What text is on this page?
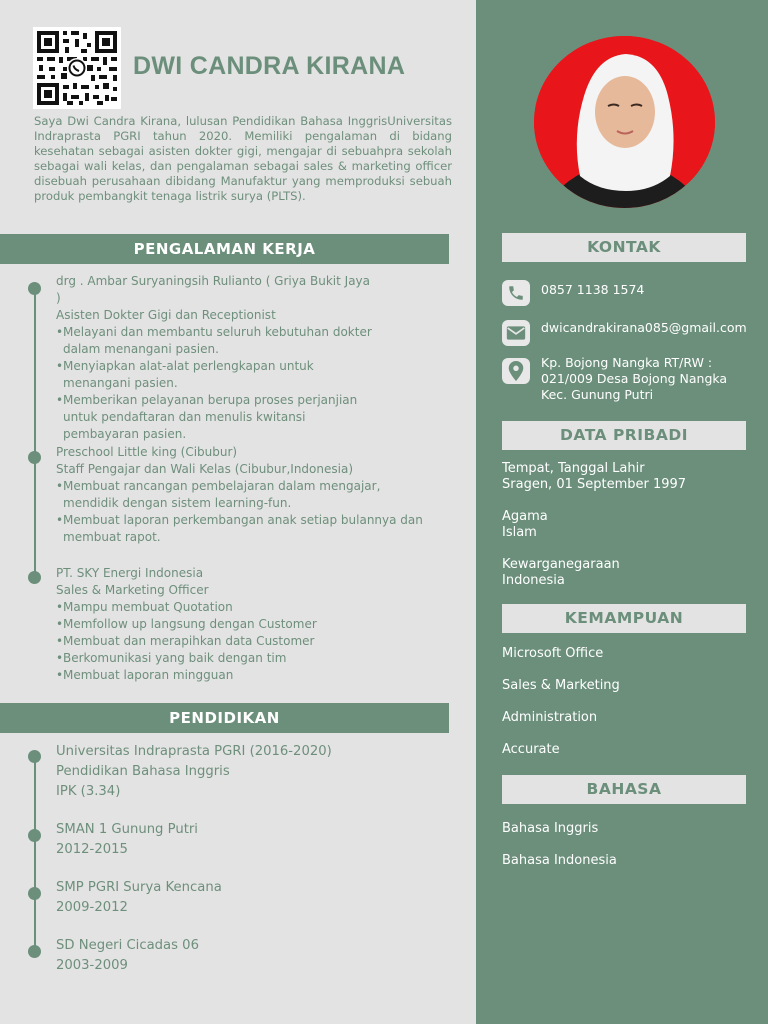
DWI CANDRA KIRANA
Saya Dwi Candra Kirana, lulusan Pendidikan Bahasa InggrisUniversitas Indraprasta PGRI tahun 2020. Memiliki pengalaman di bidang kesehatan sebagai asisten dokter gigi, mengajar di sebuahpra sekolah sebagai wali kelas, dan pengalaman sebagai sales & marketing officer disebuah perusahaan dibidang Manufaktur yang memproduksi sebuah produk pembangkit tenaga listrik surya (PLTS).
PENGALAMAN KERJA
drg . Ambar Suryaningsih Rulianto ( Griya Bukit Jaya )
Asisten Dokter Gigi dan Receptionist
• Melayani dan membantu seluruh kebutuhan dokter dalam menangani pasien.
• Menyiapkan alat-alat perlengkapan untuk menangani pasien.
• Memberikan pelayanan berupa proses perjanjian untuk pendaftaran dan menulis kwitansi pembayaran pasien.
Preschool Little king (Cibubur)
Staff Pengajar dan Wali Kelas (Cibubur,Indonesia)
• Membuat rancangan pembelajaran dalam mengajar, mendidik dengan sistem learning-fun.
• Membuat laporan perkembangan anak setiap bulannya dan membuat rapot.
PT. SKY Energi Indonesia
Sales & Marketing Officer
• Mampu membuat Quotation
• Memfollow up langsung dengan Customer
• Membuat dan merapihkan data Customer
• Berkomunikasi yang baik dengan tim
• Membuat laporan mingguan
PENDIDIKAN
Universitas Indraprasta PGRI (2016-2020)
Pendidikan Bahasa Inggris
IPK (3.34)
SMAN 1 Gunung Putri
2012-2015
SMP PGRI Surya Kencana
2009-2012
SD Negeri Cicadas 06
2003-2009
KONTAK
0857 1138 1574
dwicandrakirana085@gmail.com
Kp. Bojong Nangka RT/RW :
021/009 Desa Bojong Nangka
Kec. Gunung Putri
DATA PRIBADI
Tempat, Tanggal Lahir
Sragen, 01 September 1997
Agama
Islam
Kewarganegaraan
Indonesia
KEMAMPUAN
Microsoft Office
Sales & Marketing
Administration
Accurate
BAHASA
Bahasa Inggris
Bahasa Indonesia
